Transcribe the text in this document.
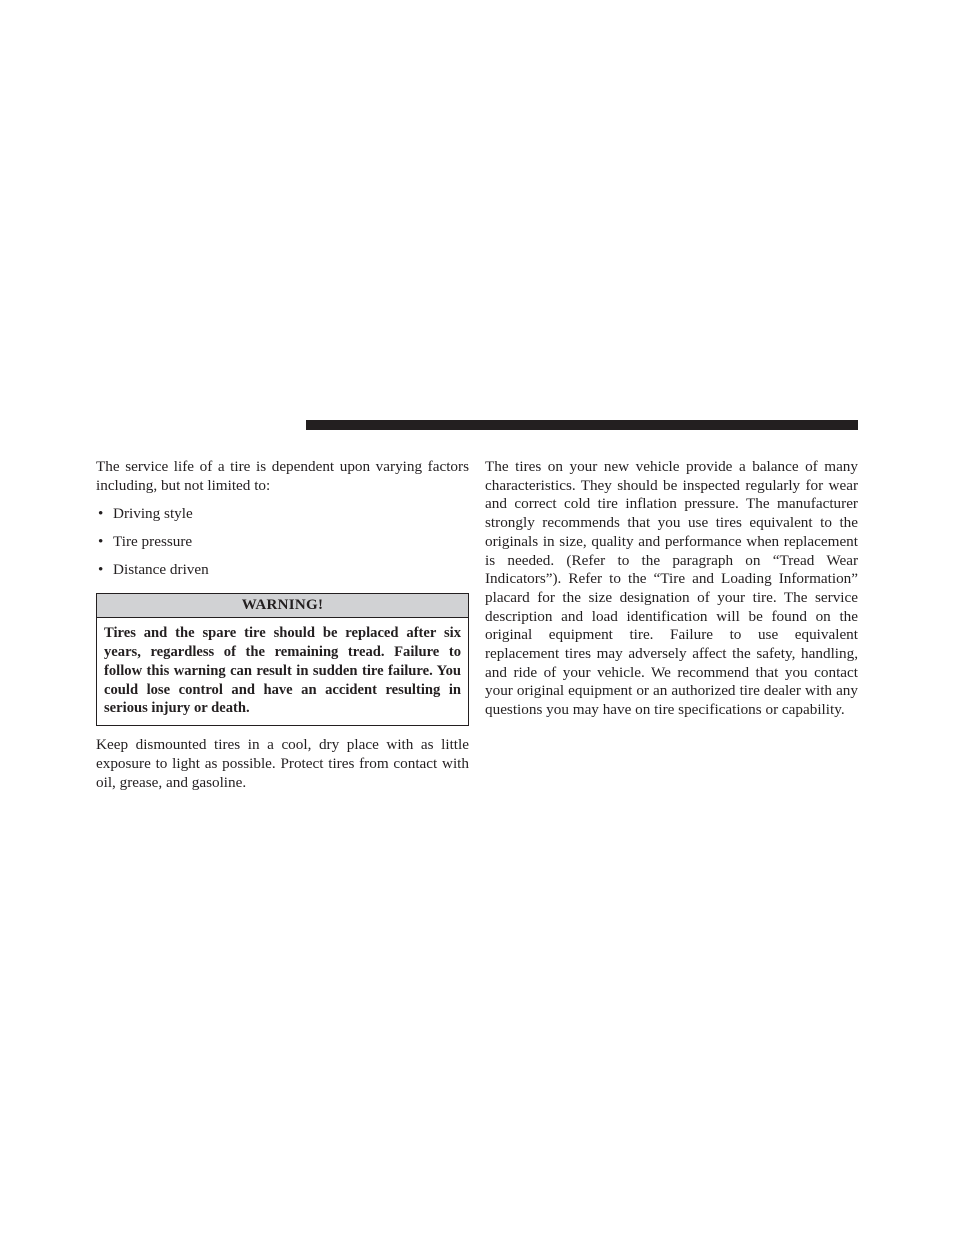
The service life of a tire is dependent upon varying factors including, but not limited to:

• Driving style
• Tire pressure
• Distance driven
WARNING!
Tires and the spare tire should be replaced after six years, regardless of the remaining tread. Failure to follow this warning can result in sudden tire failure. You could lose control and have an accident resulting in serious injury or death.

Keep dismounted tires in a cool, dry place with as little exposure to light as possible. Protect tires from contact with oil, grease, and gasoline.

The tires on your new vehicle provide a balance of many characteristics. They should be inspected regularly for wear and correct cold tire inflation pressure. The manufacturer strongly recommends that you use tires equivalent to the originals in size, quality and performance when replacement is needed. (Refer to the paragraph on “Tread Wear Indicators”). Refer to the “Tire and Loading Information” placard for the size designation of your tire. The service description and load identification will be found on the original equipment tire. Failure to use equivalent replacement tires may adversely affect the safety, handling, and ride of your vehicle. We recommend that you contact your original equipment or an authorized tire dealer with any questions you may have on tire specifications or capability.
